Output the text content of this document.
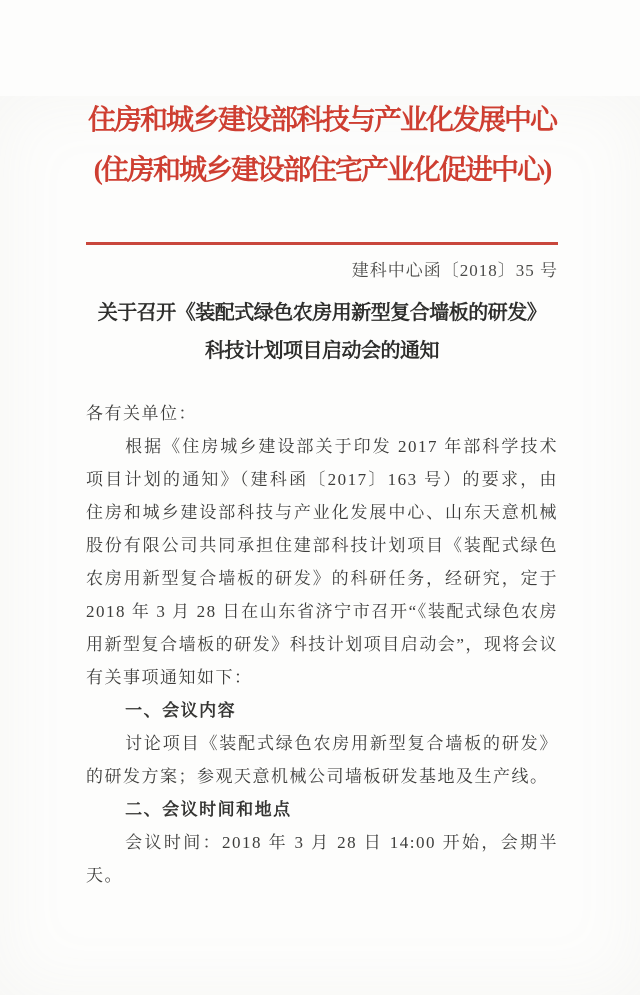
住房和城乡建设部科技与产业化发展中心
(住房和城乡建设部住宅产业化促进中心)
建科中心函〔2018〕35 号
关于召开《装配式绿色农房用新型复合墙板的研发》
科技计划项目启动会的通知
各有关单位：
根据《住房城乡建设部关于印发 2017 年部科学技术项目计划的通知》（建科函〔2017〕163 号）的要求，由住房和城乡建设部科技与产业化发展中心、山东天意机械股份有限公司共同承担住建部科技计划项目《装配式绿色农房用新型复合墙板的研发》的科研任务，经研究，定于 2018 年 3 月 28 日在山东省济宁市召开“《装配式绿色农房用新型复合墙板的研发》科技计划项目启动会”，现将会议有关事项通知如下：
一、会议内容
讨论项目《装配式绿色农房用新型复合墙板的研发》的研发方案；参观天意机械公司墙板研发基地及生产线。
二、会议时间和地点
会议时间：2018 年 3 月 28 日 14:00 开始，会期半天。
